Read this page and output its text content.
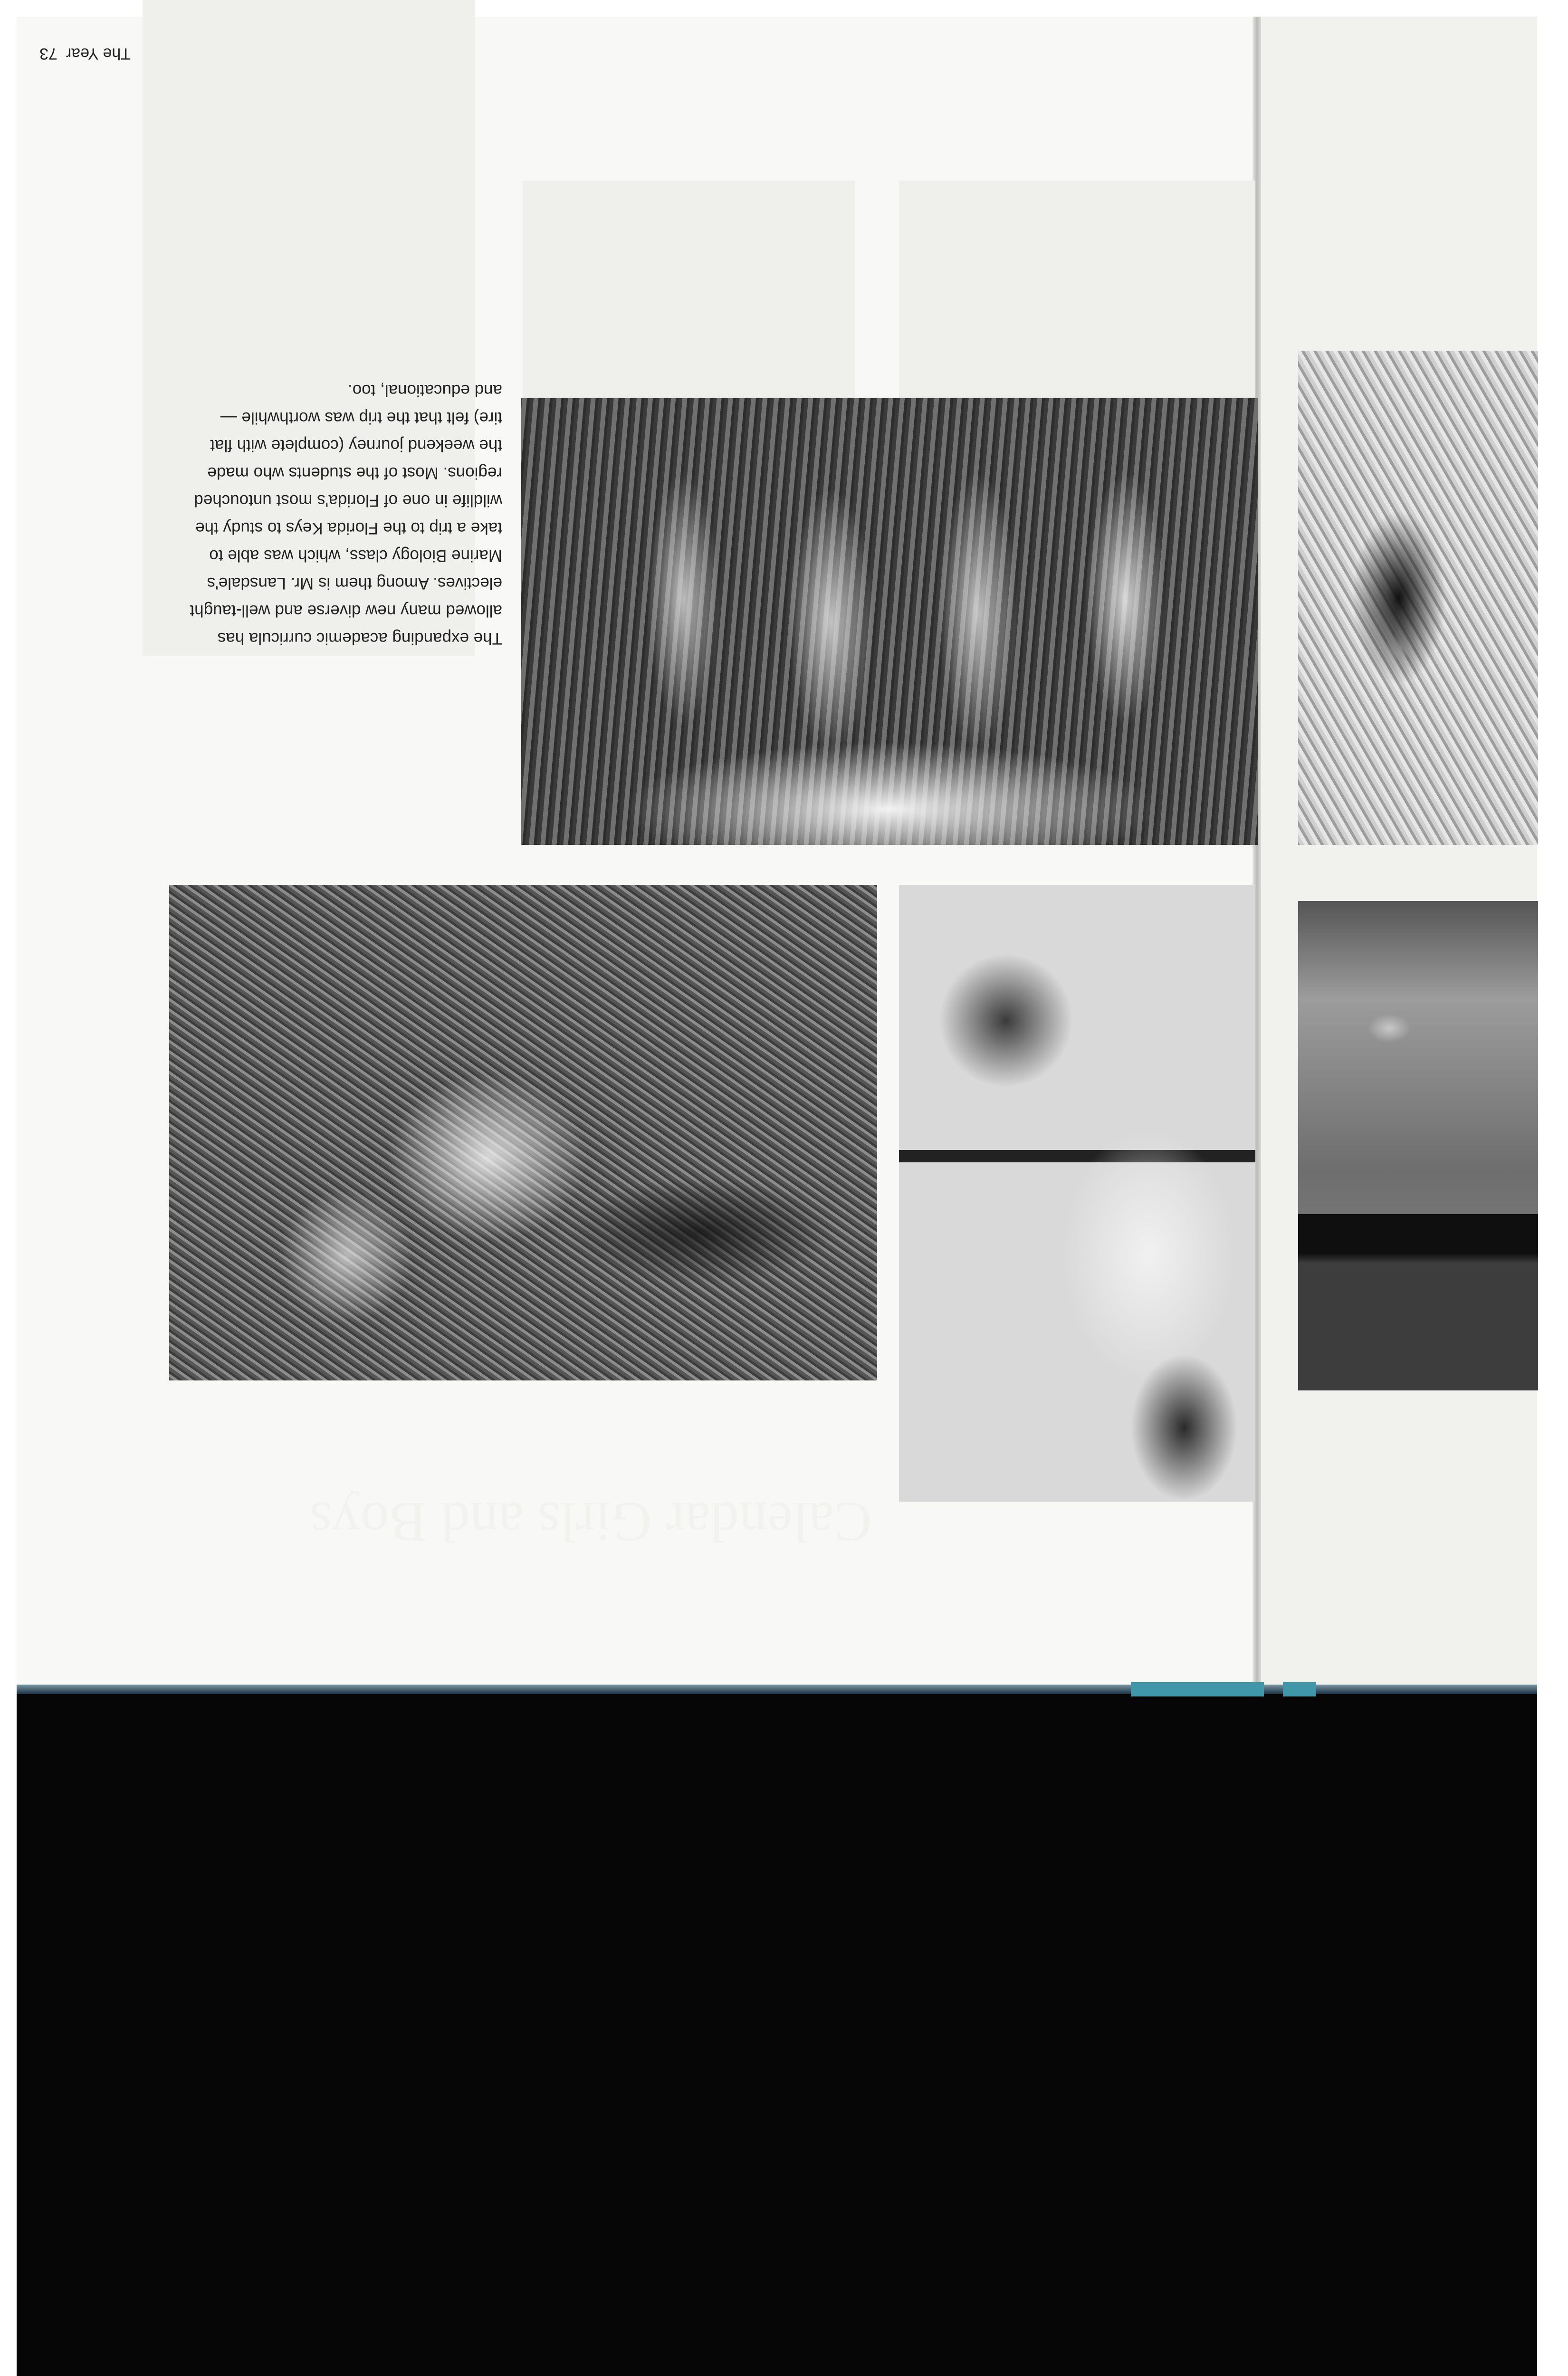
Calendar Girls and Boys

The expanding academic curricula has allowed many new diverse and well-taught electives. Among them is Mr. Lansdale's Marine Biology class, which was able to take a trip to the Florida Keys to study the wildlife in one of Florida's most untouched regions. Most of the students who made the weekend journey (complete with flat tire) felt that the trip was worthwhile — and educational, too.

The Year73
